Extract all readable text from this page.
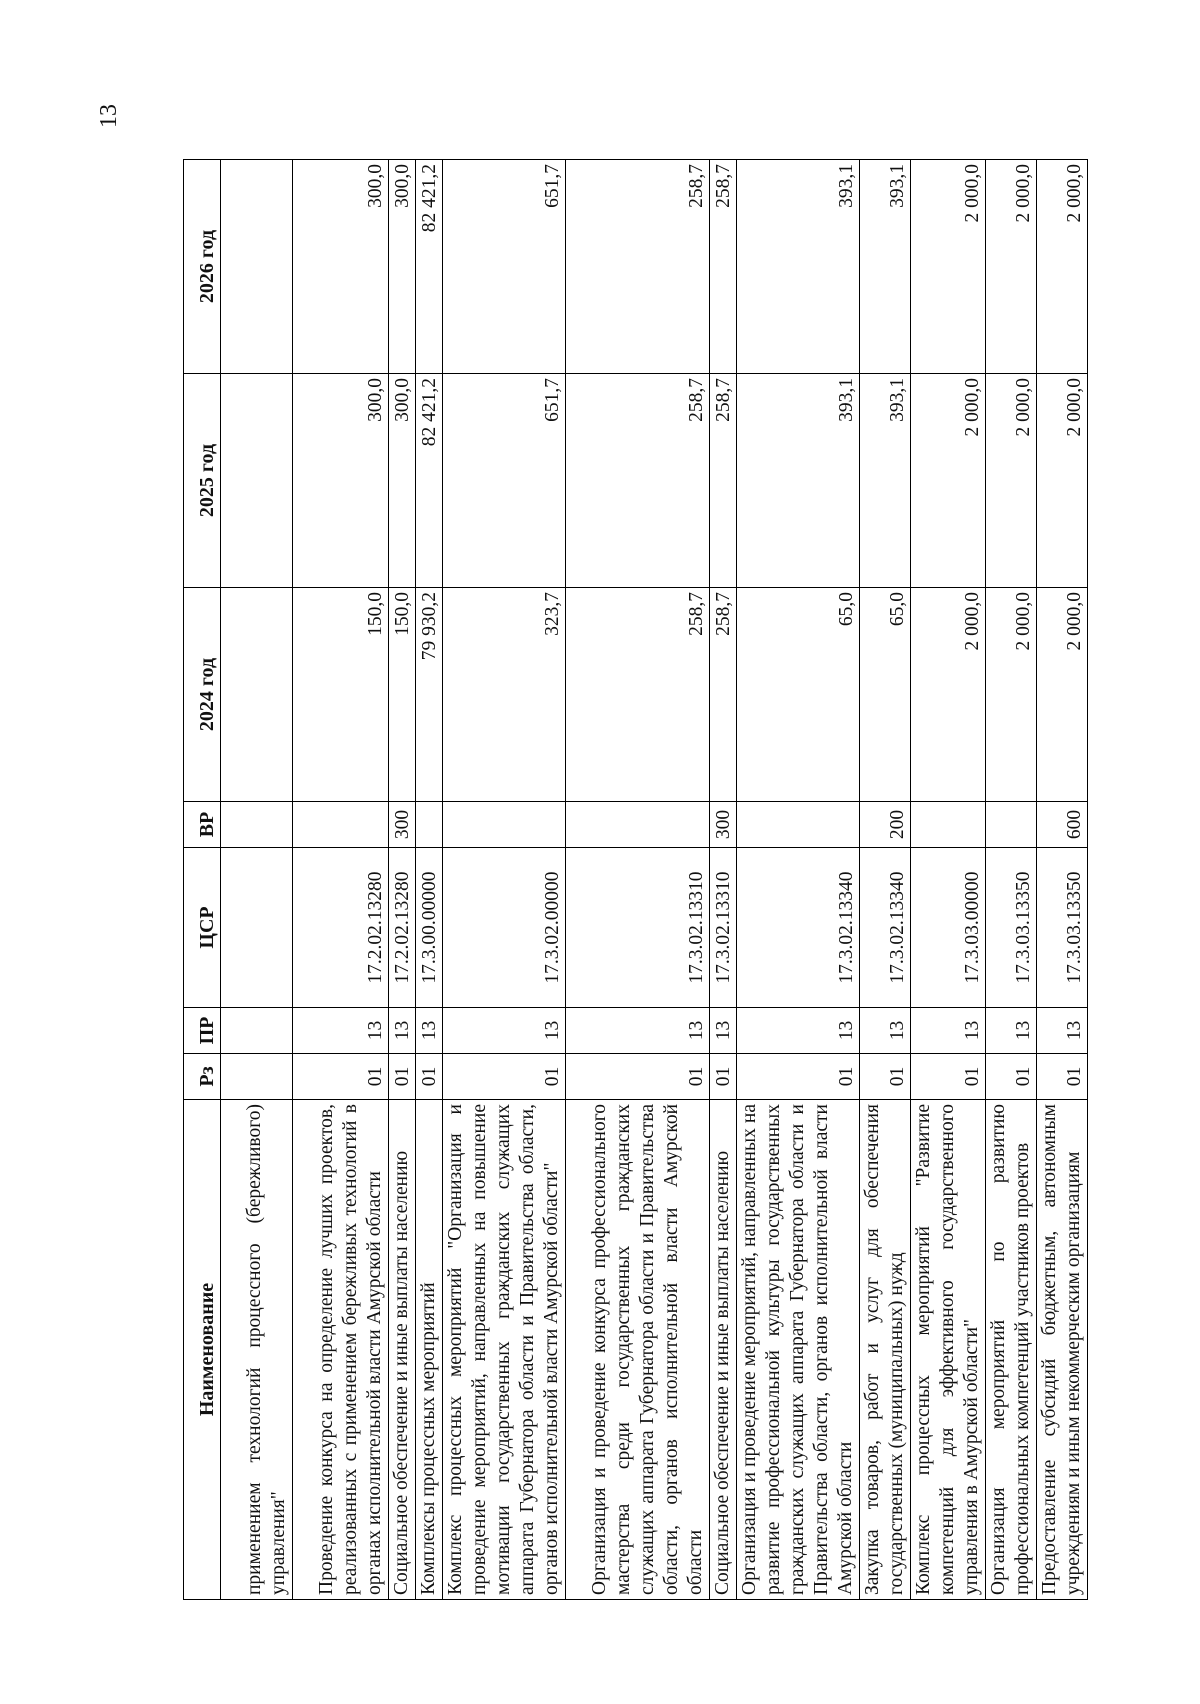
13
Наименование	Рз	ПР	ЦСР	ВР	2024 год	2025 год	2026 год
применением технологий процессного (бережливого) управления"							
Проведение конкурса на определение лучших проектов, реализованных с применением бережливых технологий в органах исполнительной власти Амурской области	01	13	17.2.02.13280		150,0	300,0	300,0
Социальное обеспечение и иные выплаты населению	01	13	17.2.02.13280	300	150,0	300,0	300,0
Комплексы процессных мероприятий	01	13	17.3.00.00000		79 930,2	82 421,2	82 421,2
Комплекс процессных мероприятий "Организация и проведение мероприятий, направленных на повышение мотивации государственных гражданских служащих аппарата Губернатора области и Правительства области, органов исполнительной власти Амурской области"	01	13	17.3.02.00000		323,7	651,7	651,7
Организация и проведение конкурса профессионального мастерства среди государственных гражданских служащих аппарата Губернатора области и Правительства области, органов исполнительной власти Амурской области	01	13	17.3.02.13310		258,7	258,7	258,7
Социальное обеспечение и иные выплаты населению	01	13	17.3.02.13310	300	258,7	258,7	258,7
Организация и проведение мероприятий, направленных на развитие профессиональной культуры государственных гражданских служащих аппарата Губернатора области и Правительства области, органов исполнительной власти Амурской области	01	13	17.3.02.13340		65,0	393,1	393,1
Закупка товаров, работ и услуг для обеспечения государственных (муниципальных) нужд	01	13	17.3.02.13340	200	65,0	393,1	393,1
Комплекс процессных мероприятий "Развитие компетенций для эффективного государственного управления в Амурской области"	01	13	17.3.03.00000		2 000,0	2 000,0	2 000,0
Организация мероприятий по развитию профессиональных компетенций участников проектов	01	13	17.3.03.13350		2 000,0	2 000,0	2 000,0
Предоставление субсидий бюджетным, автономным учреждениям и иным некоммерческим организациям	01	13	17.3.03.13350	600	2 000,0	2 000,0	2 000,0
